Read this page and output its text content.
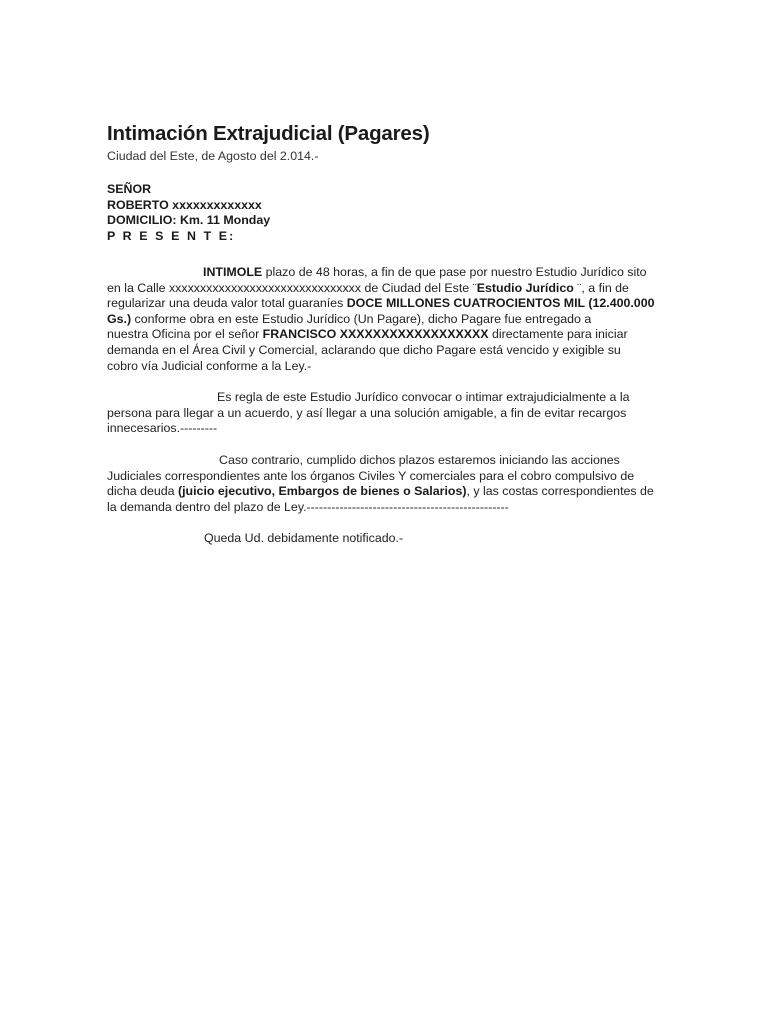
Intimación Extrajudicial (Pagares)

Ciudad del Este, de Agosto del 2.014.-

SEÑOR
ROBERTO xxxxxxxxxxxxx
DOMICILIO: Km. 11 Monday
P R E S E N T E:

INTIMOLE plazo de 48 horas, a fin de que pase por nuestro Estudio Jurídico sito
en la Calle xxxxxxxxxxxxxxxxxxxxxxxxxxxxxxx de Ciudad del Este ¨Estudio Jurídico ¨, a fin de
regularizar una deuda valor total guaraníes DOCE MILLONES CUATROCIENTOS MIL (12.400.000
Gs.) conforme obra en este Estudio Jurídico (Un Pagare), dicho Pagare fue entregado a
nuestra Oficina por el señor FRANCISCO XXXXXXXXXXXXXXXXXX directamente para iniciar
demanda en el Área Civil y Comercial, aclarando que dicho Pagare está vencido y exigible su
cobro vía Judicial conforme a la Ley.-

Es regla de este Estudio Jurídico convocar o intimar extrajudicialmente a la
persona para llegar a un acuerdo, y así llegar a una solución amigable, a fin de evitar recargos
innecesarios.---------

Caso contrario, cumplido dichos plazos estaremos iniciando las acciones
Judiciales correspondientes ante los órganos Civiles Y comerciales para el cobro compulsivo de
dicha deuda (juicio ejecutivo, Embargos de bienes o Salarios), y las costas correspondientes de
la demanda dentro del plazo de Ley.-------------------------------------------------

Queda Ud. debidamente notificado.-
